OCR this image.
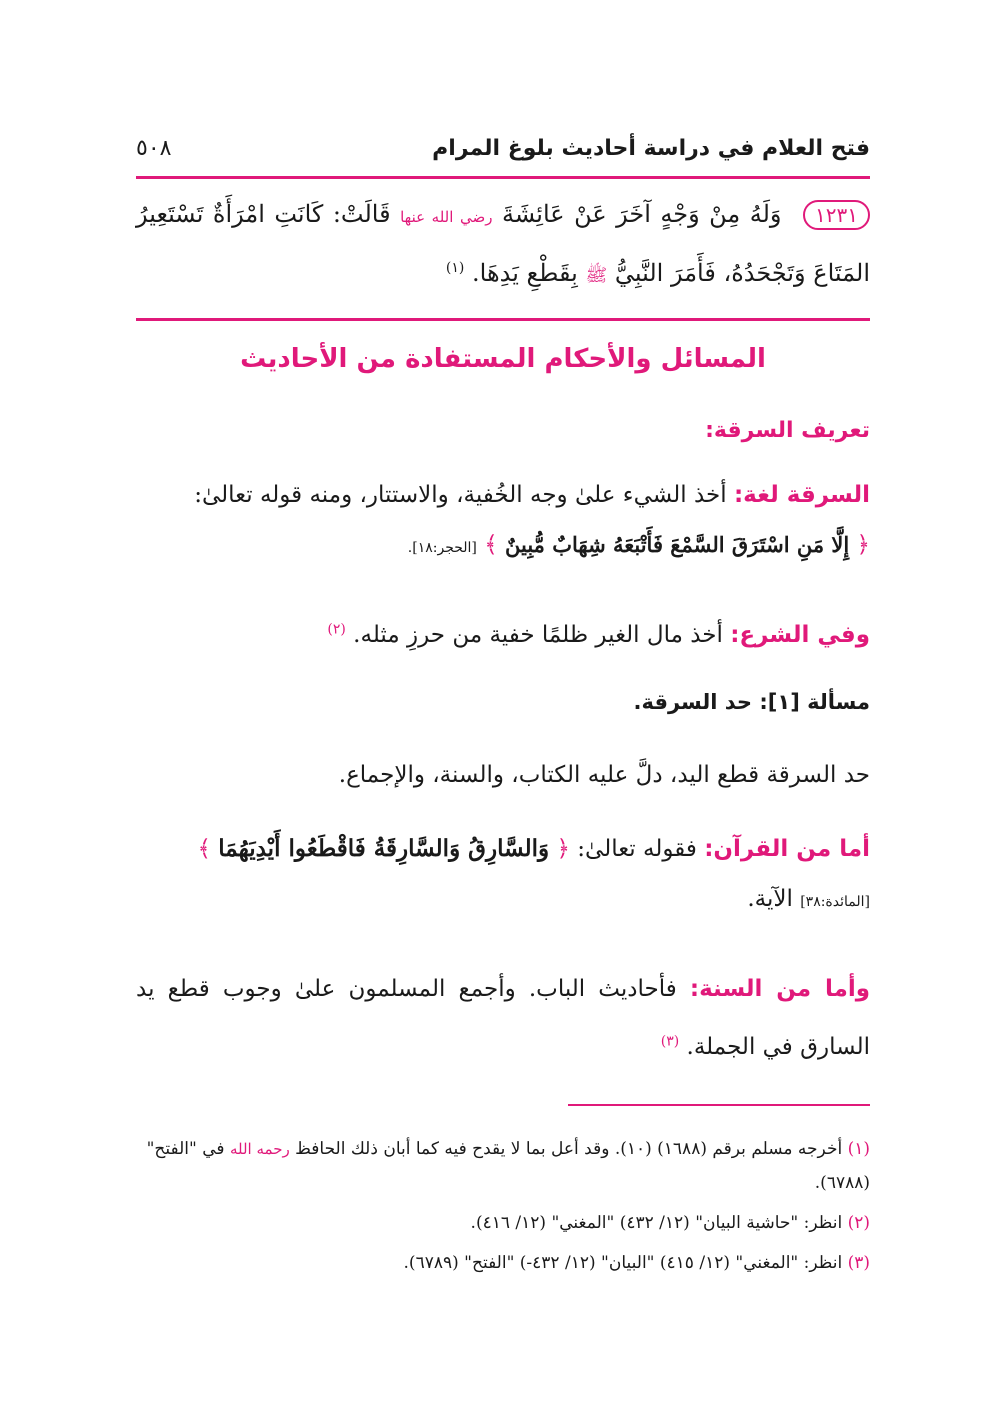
٥٠٨	فتح العلام في دراسة أحاديث بلوغ المرام
١٢٣١ وَلَهُ مِنْ وَجْهٍ آخَرَ عَنْ عَائِشَةَ رضي الله عنها قَالَتْ: كَانَتِ امْرَأَةٌ تَسْتَعِيرُ المَتَاعَ وَتَجْحَدُهُ، فَأَمَرَ النَّبِيُّ ﷺ بِقَطْعِ يَدِهَا. $^{(١)}$
المسائل والأحكام المستفادة من الأحاديث
تعريف السرقة:
السرقة لغة: أخذ الشيء علىٰ وجه الخُفية، والاستتار، ومنه قوله تعالىٰ:
﴿ إِلَّا مَنِ اسْتَرَقَ السَّمْعَ فَأَتْبَعَهُ شِهَابٌ مُّبِينٌ ﴾ [الحجر:١٨].
وفي الشرع: أخذ مال الغير ظلمًا خفية من حرزِ مثله. $^{(٢)}$
مسألة [١]: حد السرقة.
حد السرقة قطع اليد، دلَّ عليه الكتاب، والسنة، والإجماع.
أما من القرآن: فقوله تعالىٰ: ﴿ وَالسَّارِقُ وَالسَّارِقَةُ فَاقْطَعُوا أَيْدِيَهُمَا ﴾
[المائدة:٣٨] الآية.
وأما من السنة: فأحاديث الباب. وأجمع المسلمون علىٰ وجوب قطع يد السارق في الجملة. $^{(٣)}$
(١) أخرجه مسلم برقم (١٦٨٨) (١٠). وقد أعل بما لا يقدح فيه كما أبان ذلك الحافظ رحمه الله في "الفتح" (٦٧٨٨).
(٢) انظر: "حاشية البيان" (١٢/ ٤٣٢) "المغني" (١٢/ ٤١٦).
(٣) انظر: "المغني" (١٢/ ٤١٥) "البيان" (١٢/ ٤٣٢-) "الفتح" (٦٧٨٩).
